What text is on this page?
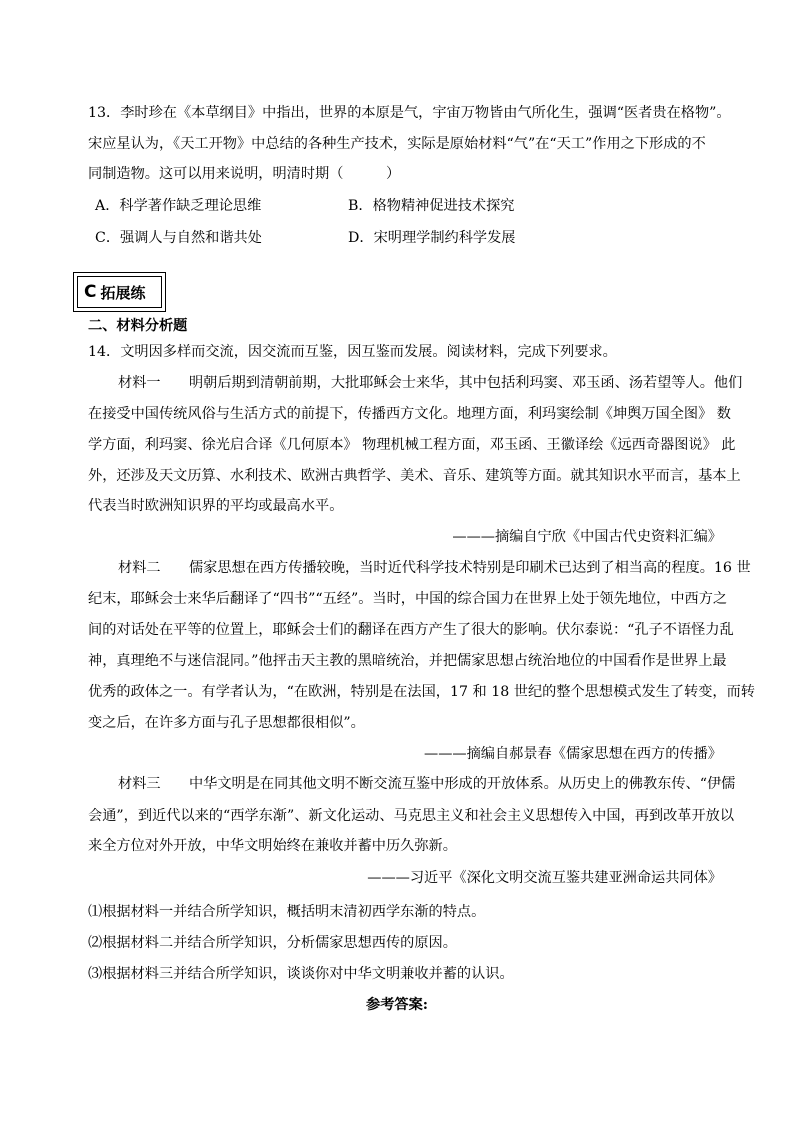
13．李时珍在《本草纲目》中指出，世界的本原是气，宇宙万物皆由气所化生，强调“医者贵在格物”。
宋应星认为，《天工开物》中总结的各种生产技术，实际是原始材料“气”在“天工”作用之下形成的不
同制造物。这可以用来说明，明清时期（　　　）
A．科学著作缺乏理论思维	B．格物精神促进技术探究
C．强调人与自然和谐共处	D．宋明理学制约科学发展
C 拓展练
二、材料分析题
14．文明因多样而交流，因交流而互鉴，因互鉴而发展。阅读材料，完成下列要求。
材料一　　明朝后期到清朝前期，大批耶稣会士来华，其中包括利玛窦、邓玉函、汤若望等人。他们
在接受中国传统风俗与生活方式的前提下，传播西方文化。地理方面，利玛窦绘制《坤舆万国全图》 数
学方面，利玛窦、徐光启合译《几何原本》 物理机械工程方面，邓玉函、王徽译绘《远西奇器图说》 此
外，还涉及天文历算、水利技术、欧洲古典哲学、美术、音乐、建筑等方面。就其知识水平而言，基本上
代表当时欧洲知识界的平均或最高水平。
———摘编自宁欣《中国古代史资料汇编》
材料二　　儒家思想在西方传播较晚，当时近代科学技术特别是印刷术已达到了相当高的程度。16 世
纪末，耶稣会士来华后翻译了“四书”“五经”。当时，中国的综合国力在世界上处于领先地位，中西方之
间的对话处在平等的位置上，耶稣会士们的翻译在西方产生了很大的影响。伏尔泰说：“孔子不语怪力乱
神，真理绝不与迷信混同。”他抨击天主教的黑暗统治，并把儒家思想占统治地位的中国看作是世界上最
优秀的政体之一。有学者认为，“在欧洲，特别是在法国，17 和 18 世纪的整个思想模式发生了转变，而转
变之后，在许多方面与孔子思想都很相似”。
———摘编自郝景春《儒家思想在西方的传播》
材料三　　中华文明是在同其他文明不断交流互鉴中形成的开放体系。从历史上的佛教东传、“伊儒
会通”，到近代以来的“西学东渐”、新文化运动、马克思主义和社会主义思想传入中国，再到改革开放以
来全方位对外开放，中华文明始终在兼收并蓄中历久弥新。
———习近平《深化文明交流互鉴共建亚洲命运共同体》
⑴根据材料一并结合所学知识，概括明末清初西学东渐的特点。
⑵根据材料二并结合所学知识，分析儒家思想西传的原因。
⑶根据材料三并结合所学知识，谈谈你对中华文明兼收并蓄的认识。
参考答案:
